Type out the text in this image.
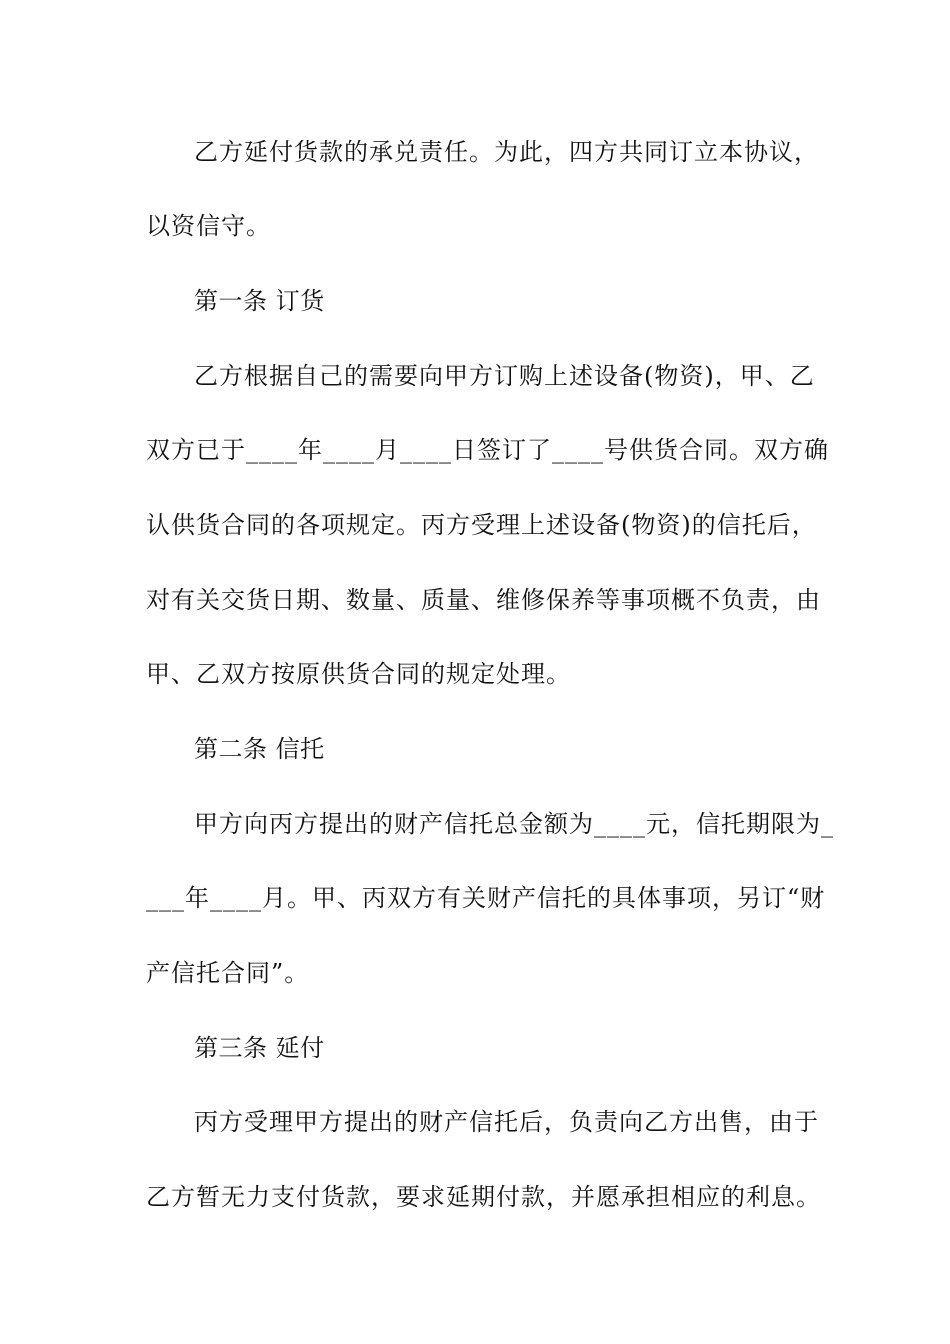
乙方延付货款的承兑责任。为此，四方共同订立本协议，
以资信守。
第一条 订货
乙方根据自己的需要向甲方订购上述设备(物资)，甲、乙
双方已于____年____月____日签订了____号供货合同。双方确
认供货合同的各项规定。丙方受理上述设备(物资)的信托后，
对有关交货日期、数量、质量、维修保养等事项概不负责，由
甲、乙双方按原供货合同的规定处理。
第二条 信托
甲方向丙方提出的财产信托总金额为____元，信托期限为_
___年____月。甲、丙双方有关财产信托的具体事项，另订“财
产信托合同”。
第三条 延付
丙方受理甲方提出的财产信托后，负责向乙方出售，由于
乙方暂无力支付货款，要求延期付款，并愿承担相应的利息。
